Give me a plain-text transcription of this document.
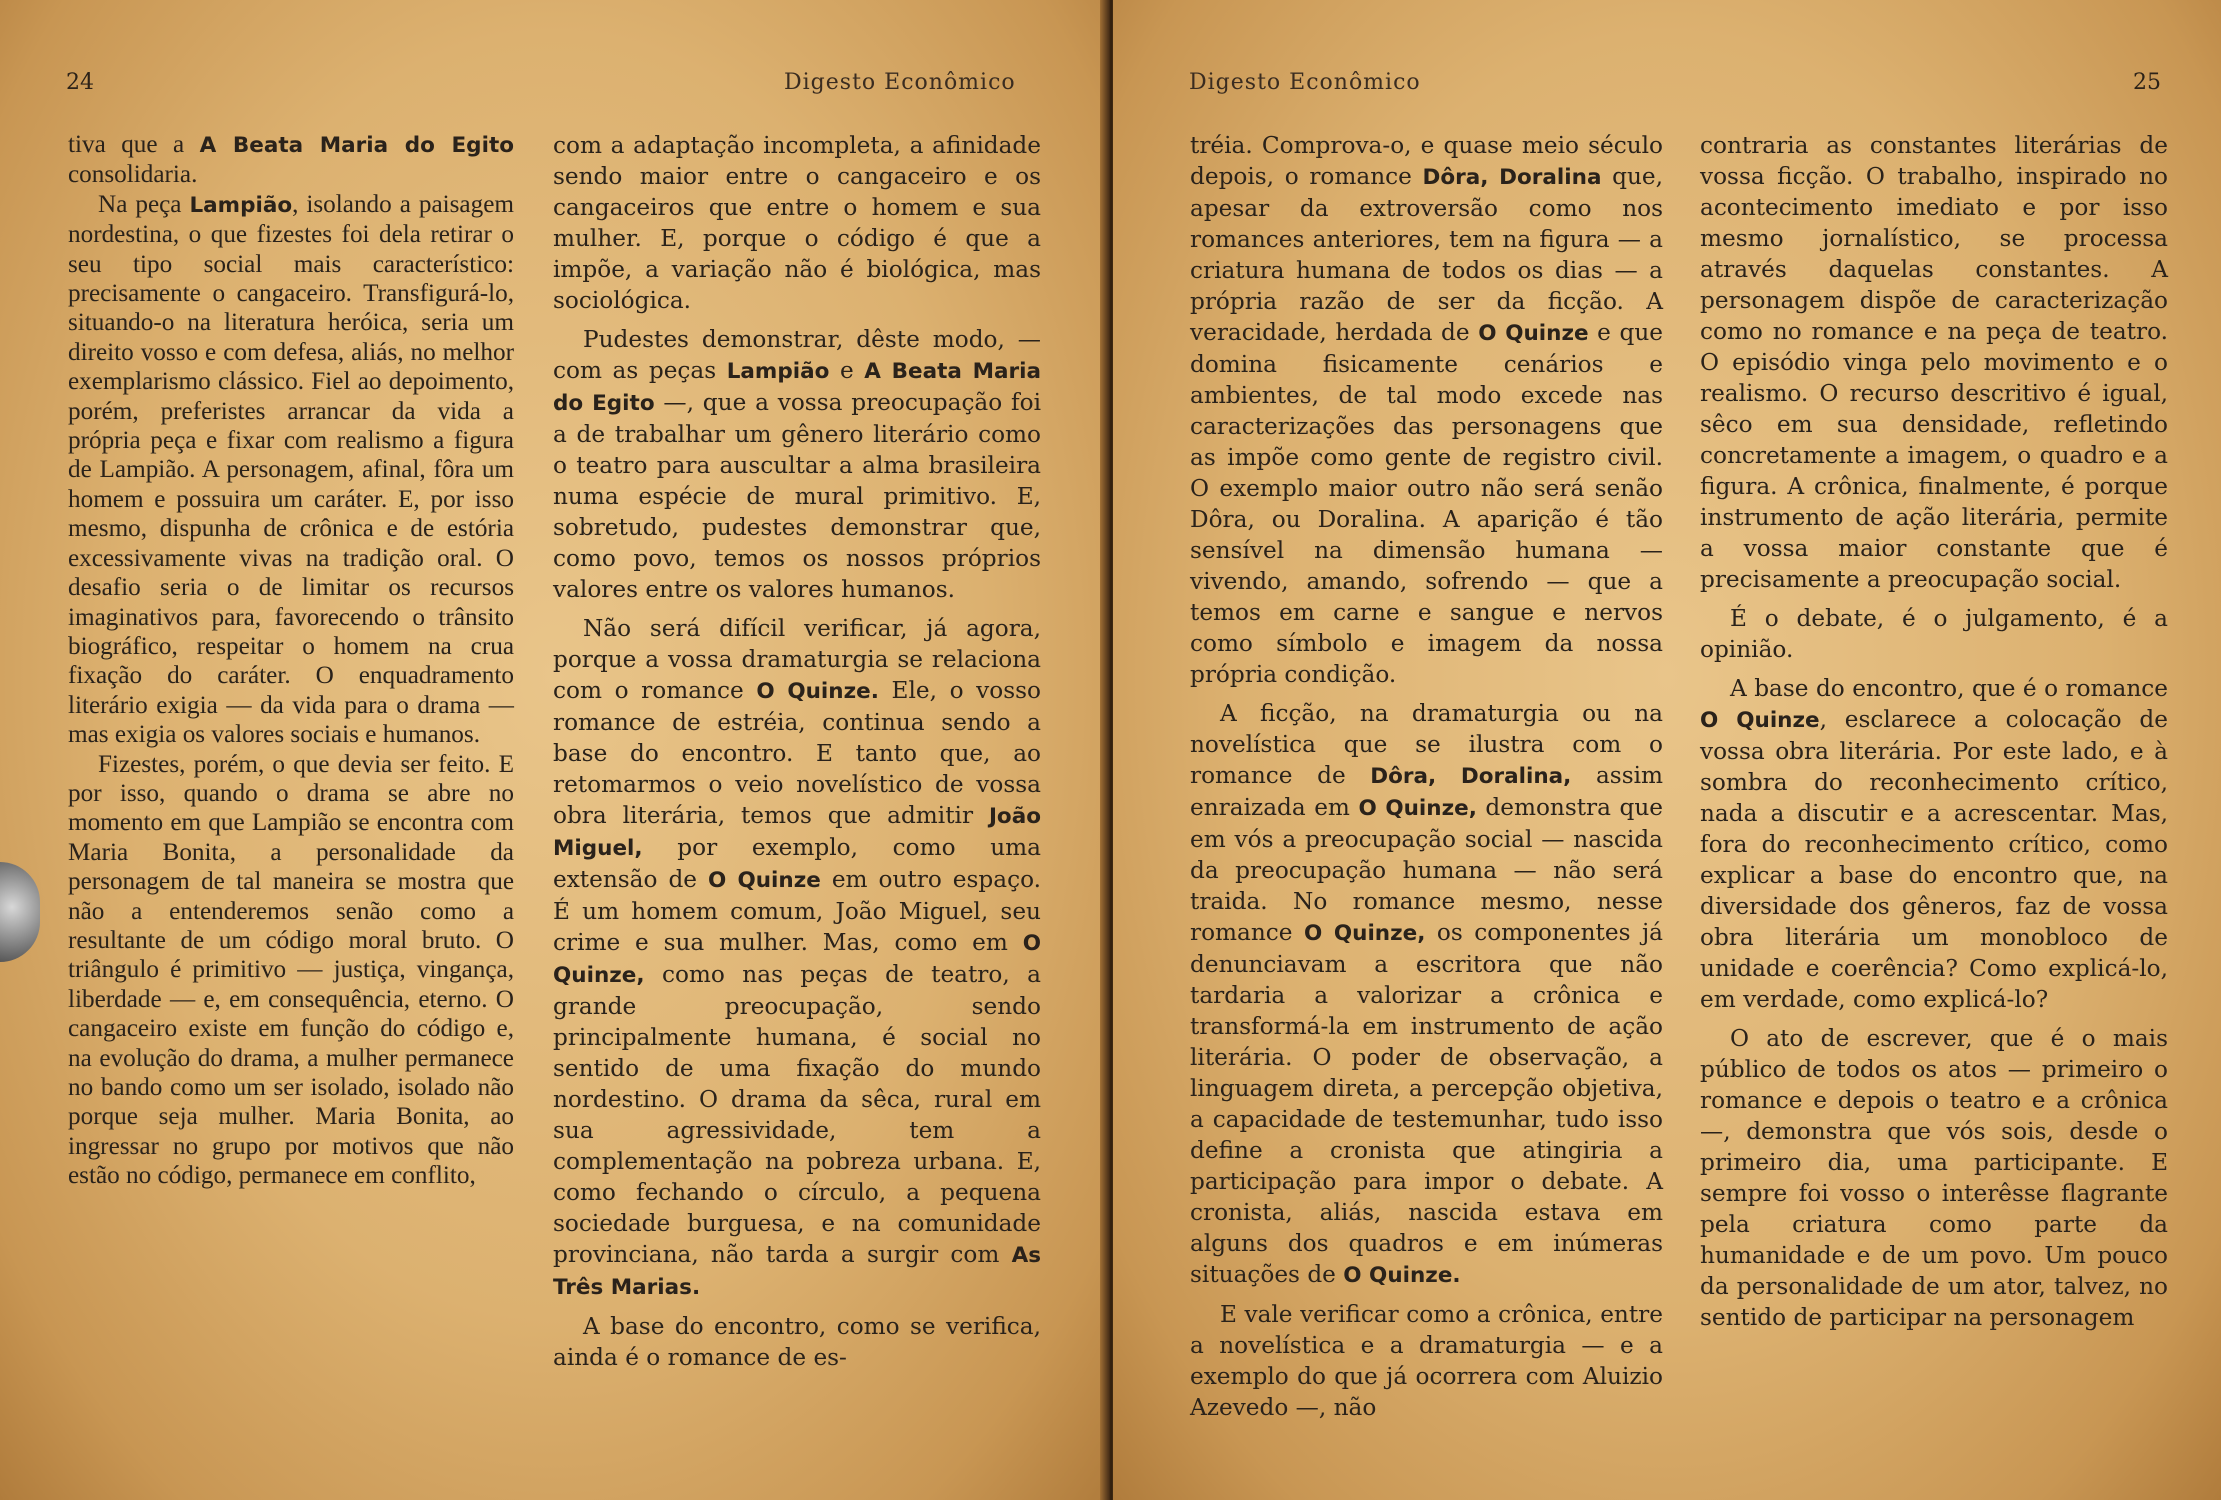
24	Digesto Econômico

tiva que a A Beata Maria do Egito consolidaria.

Na peça Lampião, isolando a paisagem nordestina, o que fizestes foi dela retirar o seu tipo social mais característico: precisamente o cangaceiro. Transfigurá-lo, situando-o na literatura heróica, seria um direito vosso e com defesa, aliás, no melhor exemplarismo clássico. Fiel ao depoimento, porém, preferistes arrancar da vida a própria peça e fixar com realismo a figura de Lampião. A personagem, afinal, fôra um homem e possuira um caráter. E, por isso mesmo, dispunha de crônica e de estória excessivamente vivas na tradição oral. O desafio seria o de limitar os recursos imaginativos para, favorecendo o trânsito biográfico, respeitar o homem na crua fixação do caráter. O enquadramento literário exigia — da vida para o drama — mas exigia os valores sociais e humanos.

Fizestes, porém, o que devia ser feito. E por isso, quando o drama se abre no momento em que Lampião se encontra com Maria Bonita, a personalidade da personagem de tal maneira se mostra que não a entenderemos senão como a resultante de um código moral bruto. O triângulo é primitivo — justiça, vingança, liberdade — e, em consequência, eterno. O cangaceiro existe em função do código e, na evolução do drama, a mulher permanece no bando como um ser isolado, isolado não porque seja mulher. Maria Bonita, ao ingressar no grupo por motivos que não estão no código, permanece em conflito,

com a adaptação incompleta, a afinidade sendo maior entre o cangaceiro e os cangaceiros que entre o homem e sua mulher. E, porque o código é que a impõe, a variação não é biológica, mas sociológica.

Pudestes demonstrar, dêste modo, — com as peças Lampião e A Beata Maria do Egito —, que a vossa preocupação foi a de trabalhar um gênero literário como o teatro para auscultar a alma brasileira numa espécie de mural primitivo. E, sobretudo, pudestes demonstrar que, como povo, temos os nossos próprios valores entre os valores humanos.

Não será difícil verificar, já agora, porque a vossa dramaturgia se relaciona com o romance O Quinze. Ele, o vosso romance de estréia, continua sendo a base do encontro. E tanto que, ao retomarmos o veio novelístico de vossa obra literária, temos que admitir João Miguel, por exemplo, como uma extensão de O Quinze em outro espaço. É um homem comum, João Miguel, seu crime e sua mulher. Mas, como em O Quinze, como nas peças de teatro, a grande preocupação, sendo principalmente humana, é social no sentido de uma fixação do mundo nordestino. O drama da sêca, rural em sua agressividade, tem a complementação na pobreza urbana. E, como fechando o círculo, a pequena sociedade burguesa, e na comunidade provinciana, não tarda a surgir com As Três Marias.

A base do encontro, como se verifica, ainda é o romance de es-

Digesto Econômico	25

tréia. Comprova-o, e quase meio século depois, o romance Dôra, Doralina que, apesar da extroversão como nos romances anteriores, tem na figura — a criatura humana de todos os dias — a própria razão de ser da ficção. A veracidade, herdada de O Quinze e que domina fisicamente cenários e ambientes, de tal modo excede nas caracterizações das personagens que as impõe como gente de registro civil. O exemplo maior outro não será senão Dôra, ou Doralina. A aparição é tão sensível na dimensão humana — vivendo, amando, sofrendo — que a temos em carne e sangue e nervos como símbolo e imagem da nossa própria condição.

A ficção, na dramaturgia ou na novelística que se ilustra com o romance de Dôra, Doralina, assim enraizada em O Quinze, demonstra que em vós a preocupação social — nascida da preocupação humana — não será traida. No romance mesmo, nesse romance O Quinze, os componentes já denunciavam a escritora que não tardaria a valorizar a crônica e transformá-la em instrumento de ação literária. O poder de observação, a linguagem direta, a percepção objetiva, a capacidade de testemunhar, tudo isso define a cronista que atingiria a participação para impor o debate. A cronista, aliás, nascida estava em alguns dos quadros e em inúmeras situações de O Quinze.

E vale verificar como a crônica, entre a novelística e a dramaturgia — e a exemplo do que já ocorrera com Aluizio Azevedo —, não

contraria as constantes literárias de vossa ficção. O trabalho, inspirado no acontecimento imediato e por isso mesmo jornalístico, se processa através daquelas constantes. A personagem dispõe de caracterização como no romance e na peça de teatro. O episódio vinga pelo movimento e o realismo. O recurso descritivo é igual, sêco em sua densidade, refletindo concretamente a imagem, o quadro e a figura. A crônica, finalmente, é porque instrumento de ação literária, permite a vossa maior constante que é precisamente a preocupação social.

É o debate, é o julgamento, é a opinião.

A base do encontro, que é o romance O Quinze, esclarece a colocação de vossa obra literária. Por este lado, e à sombra do reconhecimento crítico, nada a discutir e a acrescentar. Mas, fora do reconhecimento crítico, como explicar a base do encontro que, na diversidade dos gêneros, faz de vossa obra literária um monobloco de unidade e coerência? Como explicá-lo, em verdade, como explicá-lo?

O ato de escrever, que é o mais público de todos os atos — primeiro o romance e depois o teatro e a crônica —, demonstra que vós sois, desde o primeiro dia, uma participante. E sempre foi vosso o interêsse flagrante pela criatura como parte da humanidade e de um povo. Um pouco da personalidade de um ator, talvez, no sentido de participar na personagem
